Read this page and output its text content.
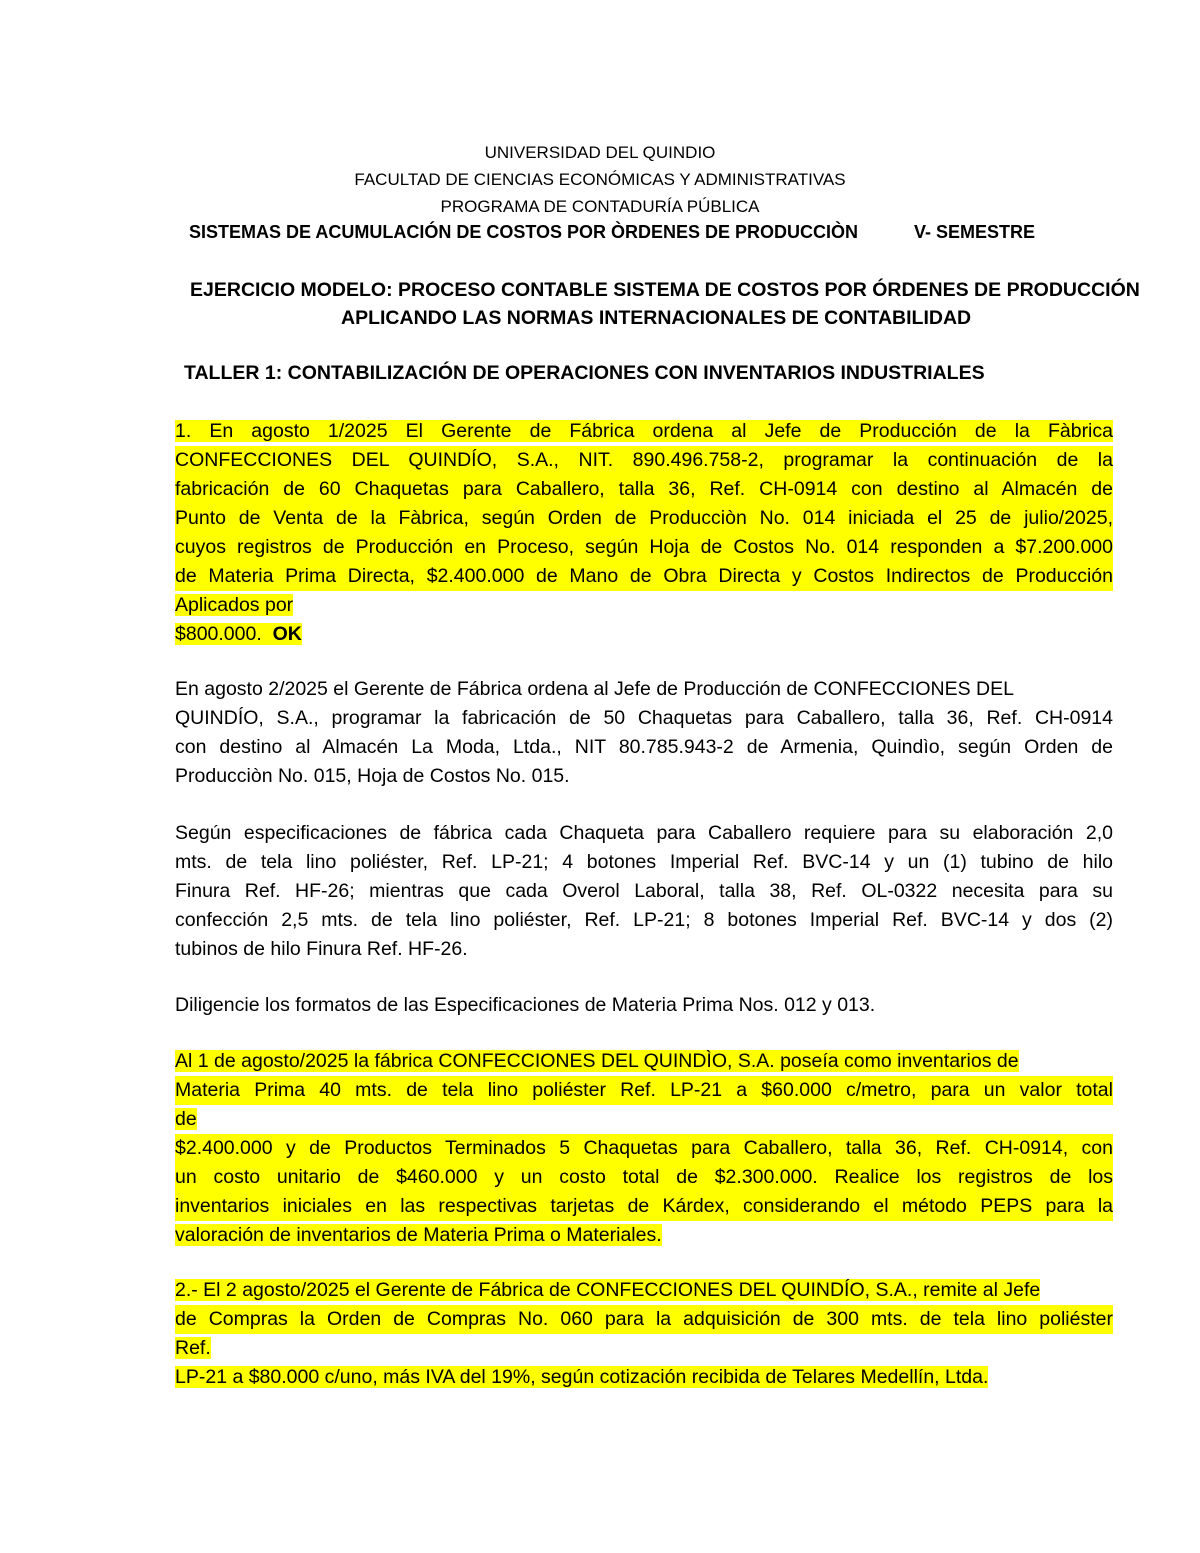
UNIVERSIDAD DEL QUINDIO
FACULTAD DE CIENCIAS ECONÓMICAS Y ADMINISTRATIVAS
PROGRAMA DE CONTADURÍA PÚBLICA
SISTEMAS DE ACUMULACIÓN DE COSTOS POR ÒRDENES DE PRODUCCIÒN	V- SEMESTRE
EJERCICIO MODELO: PROCESO CONTABLE SISTEMA DE COSTOS POR ÓRDENES DE PRODUCCIÓN
APLICANDO LAS NORMAS INTERNACIONALES DE CONTABILIDAD
TALLER 1: CONTABILIZACIÓN DE OPERACIONES CON INVENTARIOS INDUSTRIALES
1. En agosto 1/2025 El Gerente de Fábrica ordena al Jefe de Producción de la Fàbrica
CONFECCIONES DEL QUINDÍO, S.A., NIT. 890.496.758-2, programar la continuación de la
fabricación de 60 Chaquetas para Caballero, talla 36, Ref. CH-0914 con destino al Almacén de
Punto de Venta de la Fàbrica, según Orden de Producciòn No. 014 iniciada el 25 de julio/2025,
cuyos registros de Producción en Proceso, según Hoja de Costos No. 014 responden a $7.200.000
de Materia Prima Directa, $2.400.000 de Mano de Obra Directa y Costos Indirectos de Producción
Aplicados por
$800.000. OK
En agosto 2/2025 el Gerente de Fábrica ordena al Jefe de Producción de CONFECCIONES DEL
QUINDÍO, S.A., programar la fabricación de 50 Chaquetas para Caballero, talla 36, Ref. CH-0914
con destino al Almacén La Moda, Ltda., NIT 80.785.943-2 de Armenia, Quindìo, según Orden de
Producciòn No. 015, Hoja de Costos No. 015.
Según especificaciones de fábrica cada Chaqueta para Caballero requiere para su elaboración 2,0
mts. de tela lino poliéster, Ref. LP-21; 4 botones Imperial Ref. BVC-14 y un (1) tubino de hilo
Finura Ref. HF-26; mientras que cada Overol Laboral, talla 38, Ref. OL-0322 necesita para su
confección 2,5 mts. de tela lino poliéster, Ref. LP-21; 8 botones Imperial Ref. BVC-14 y dos (2)
tubinos de hilo Finura Ref. HF-26.
Diligencie los formatos de las Especificaciones de Materia Prima Nos. 012 y 013.
Al 1 de agosto/2025 la fábrica CONFECCIONES DEL QUINDÌO, S.A. poseía como inventarios de
Materia Prima 40 mts. de tela lino poliéster Ref. LP-21 a $60.000 c/metro, para un valor total
de
$2.400.000 y de Productos Terminados 5 Chaquetas para Caballero, talla 36, Ref. CH-0914, con
un costo unitario de $460.000 y un costo total de $2.300.000. Realice los registros de los
inventarios iniciales en las respectivas tarjetas de Kárdex, considerando el método PEPS para la
valoración de inventarios de Materia Prima o Materiales.
2.- El 2 agosto/2025 el Gerente de Fábrica de CONFECCIONES DEL QUINDÍO, S.A., remite al Jefe
de Compras la Orden de Compras No. 060 para la adquisición de 300 mts. de tela lino poliéster
Ref.
LP-21 a $80.000 c/uno, más IVA del 19%, según cotización recibida de Telares Medellín, Ltda.
